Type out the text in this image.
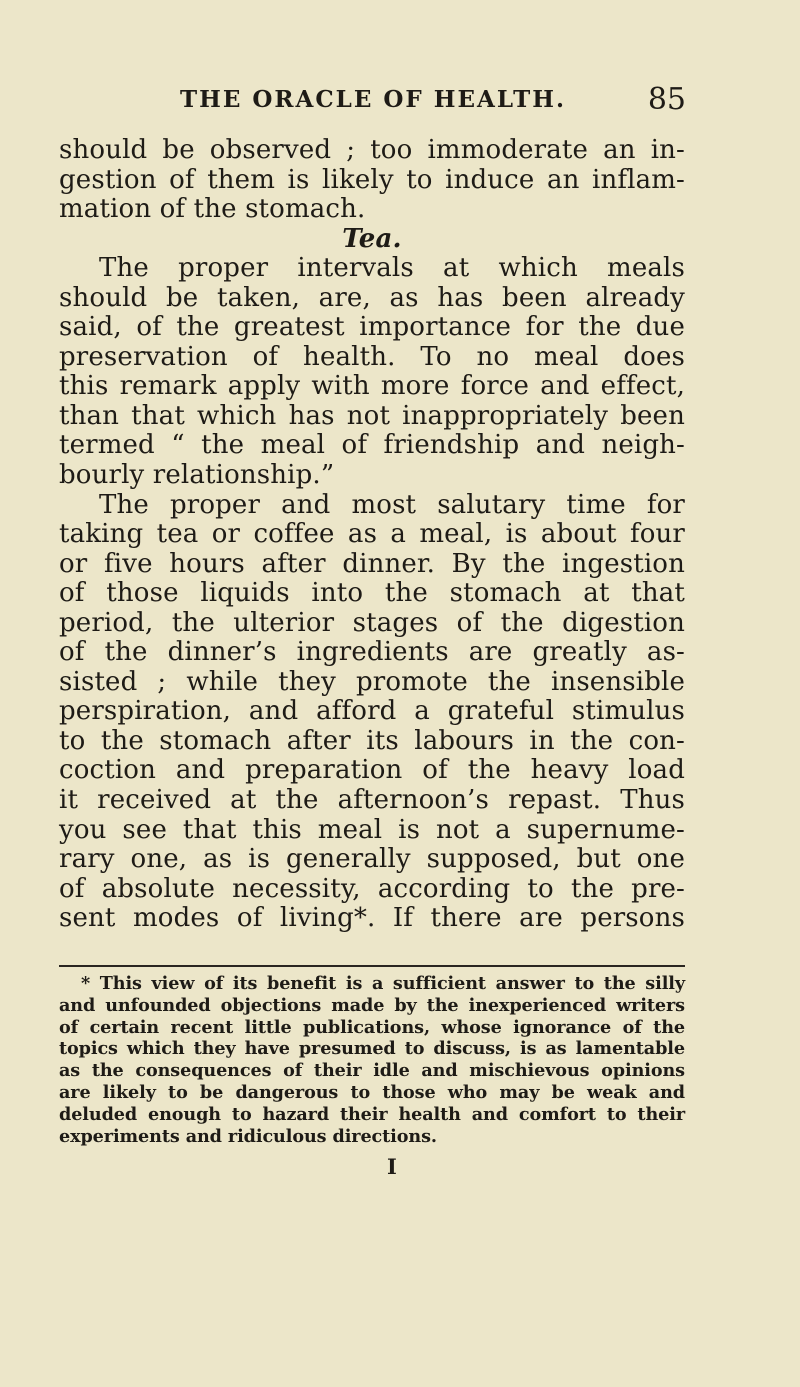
THE ORACLE OF HEALTH.	85
should be observed ; too immoderate an in-
gestion of them is likely to induce an inflam-
mation of the stomach.
Tea.
The proper intervals at which meals
should be taken, are, as has been already
said, of the greatest importance for the due
preservation of health. To no meal does
this remark apply with more force and effect,
than that which has not inappropriately been
termed “ the meal of friendship and neigh-
bourly relationship.”
The proper and most salutary time for
taking tea or coffee as a meal, is about four
or five hours after dinner. By the ingestion
of those liquids into the stomach at that
period, the ulterior stages of the digestion
of the dinner’s ingredients are greatly as-
sisted ; while they promote the insensible
perspiration, and afford a grateful stimulus
to the stomach after its labours in the con-
coction and preparation of the heavy load
it received at the afternoon’s repast. Thus
you see that this meal is not a supernume-
rary one, as is generally supposed, but one
of absolute necessity, according to the pre-
sent modes of living*. If there are persons
* This view of its benefit is a sufficient answer to the silly
and unfounded objections made by the inexperienced writers
of certain recent little publications, whose ignorance of the
topics which they have presumed to discuss, is as lamentable
as the consequences of their idle and mischievous opinions
are likely to be dangerous to those who may be weak and
deluded enough to hazard their health and comfort to their
experiments and ridiculous directions.
I
